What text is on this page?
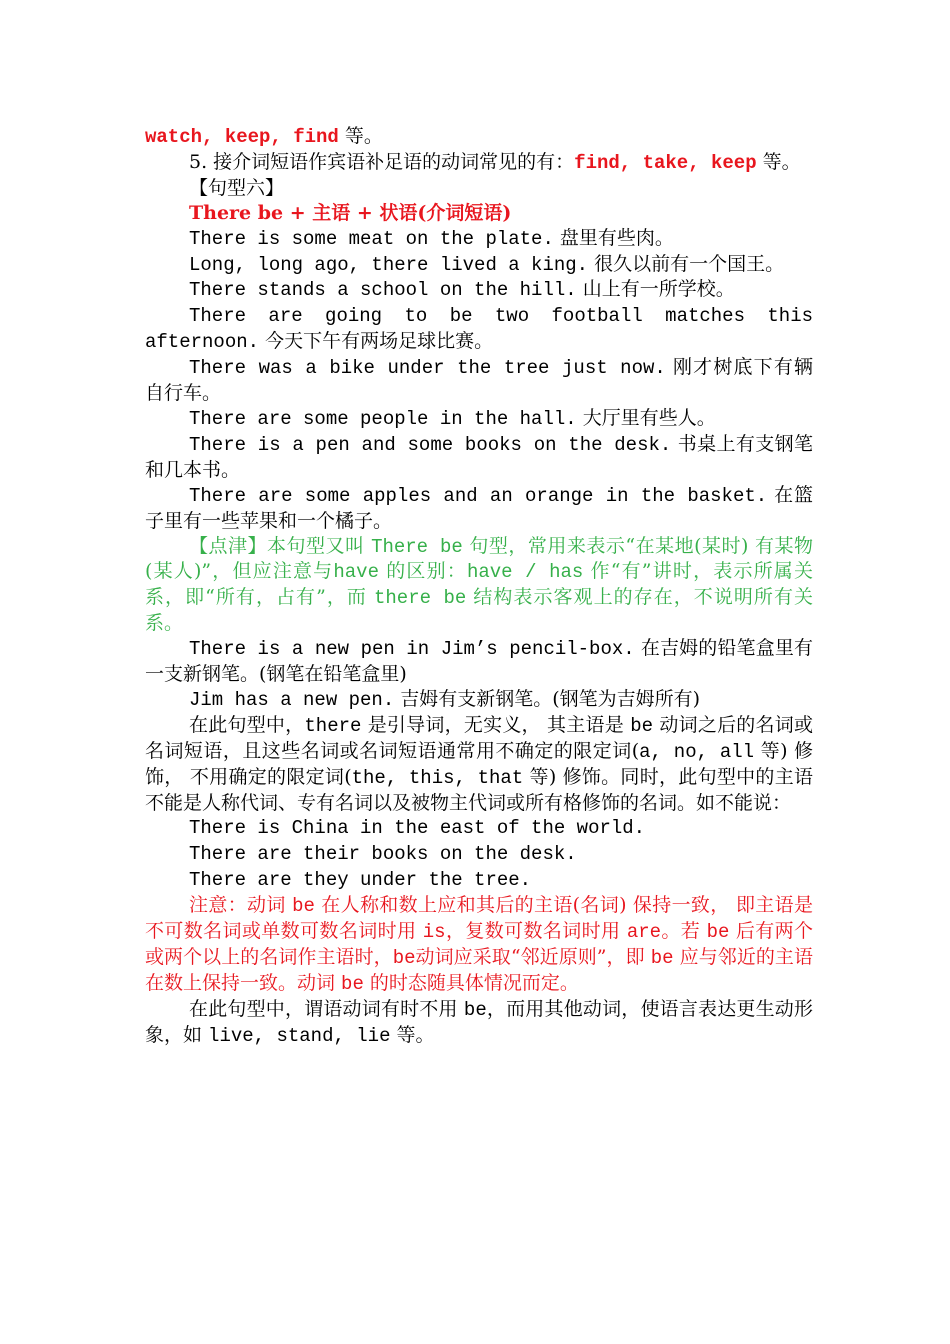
watch, keep, find 等。

5. 接介词短语作宾语补足语的动词常见的有：find, take, keep 等。

【句型六】

There be + 主语 + 状语(介词短语)

There is some meat on the plate. 盘里有些肉。

Long, long ago, there lived a king. 很久以前有一个国王。

There stands a school on the hill. 山上有一所学校。

There are going to be two football matches this afternoon. 今天下午有两场足球比赛。

There was a bike under the tree just now. 刚才树底下有辆自行车。

There are some people in the hall. 大厅里有些人。

There is a pen and some books on the desk. 书桌上有支钢笔和几本书。

There are some apples and an orange in the basket. 在篮子里有一些苹果和一个橘子。

【点津】本句型又叫 There be 句型，常用来表示“在某地(某时) 有某物(某人)”，但应注意与have 的区别：have / has 作“有”讲时，表示所属关系，即“所有，占有”，而 there be 结构表示客观上的存在，不说明所有关系。

There is a new pen in Jim’s pencil-box. 在吉姆的铅笔盒里有一支新钢笔。(钢笔在铅笔盒里)

Jim has a new pen. 吉姆有支新钢笔。(钢笔为吉姆所有)

在此句型中，there 是引导词，无实义， 其主语是 be 动词之后的名词或名词短语，且这些名词或名词短语通常用不确定的限定词(a, no, all 等) 修饰， 不用确定的限定词(the, this, that 等) 修饰。同时，此句型中的主语不能是人称代词、专有名词以及被物主代词或所有格修饰的名词。如不能说：

There is China in the east of the world.

There are their books on the desk.

There are they under the tree.

注意：动词 be 在人称和数上应和其后的主语(名词) 保持一致， 即主语是不可数名词或单数可数名词时用 is，复数可数名词时用 are。若 be 后有两个或两个以上的名词作主语时，be动词应采取“邻近原则”，即 be 应与邻近的主语在数上保持一致。动词 be 的时态随具体情况而定。

在此句型中，谓语动词有时不用 be，而用其他动词，使语言表达更生动形象，如 live, stand, lie 等。
